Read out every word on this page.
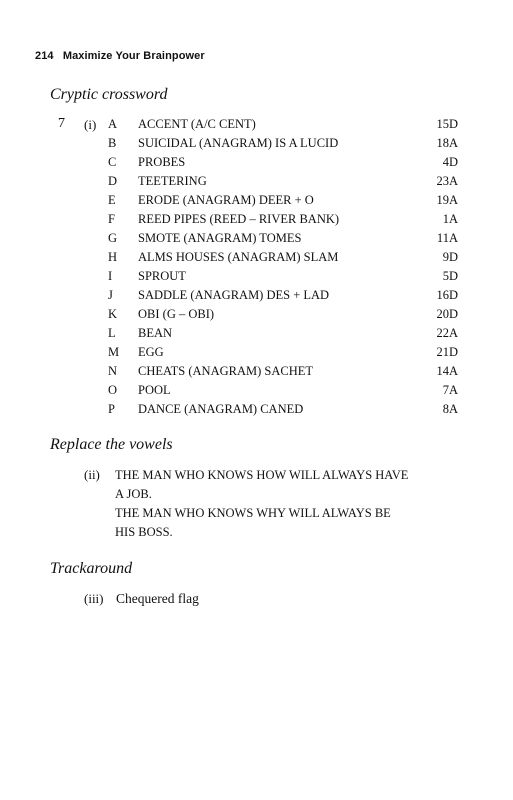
214 Maximize Your Brainpower
Cryptic crossword
7 (i) A ACCENT (A/C CENT)	15D
B SUICIDAL (ANAGRAM) IS A LUCID	18A
C PROBES	4D
D TEETERING	23A
E ERODE (ANAGRAM) DEER + O	19A
F REED PIPES (REED – RIVER BANK)	1A
G SMOTE (ANAGRAM) TOMES	11A
H ALMS HOUSES (ANAGRAM) SLAM	9D
I SPROUT	5D
J SADDLE (ANAGRAM) DES + LAD	16D
K OBI (G – OBI)	20D
L BEAN	22A
M EGG	21D
N CHEATS (ANAGRAM) SACHET	14A
O POOL	7A
P DANCE (ANAGRAM) CANED	8A
Replace the vowels
(ii) THE MAN WHO KNOWS HOW WILL ALWAYS HAVE

A JOB.

THE MAN WHO KNOWS WHY WILL ALWAYS BE

HIS BOSS.

Trackaround
(iii) Chequered flag
